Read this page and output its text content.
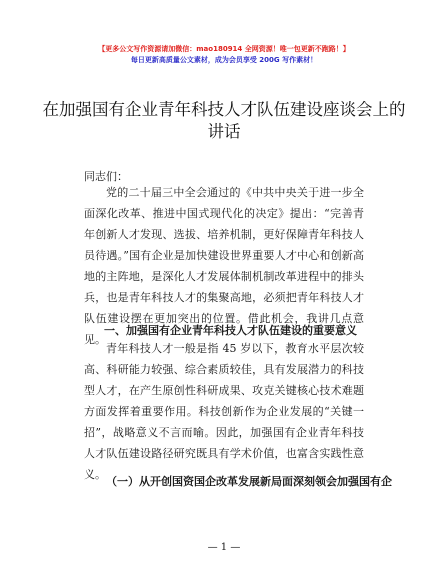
【更多公文写作资源请加微信：mao180914 全网资源！唯一包更新不跑路！】
每日更新高质量公文素材，成为会员享受 200G 写作素材！
在加强国有企业青年科技人才队伍建设座谈会上的讲话
同志们：
党的二十届三中全会通过的《中共中央关于进一步全面深化改革、推进中国式现代化的决定》提出：“完善青年创新人才发现、选拔、培养机制，更好保障青年科技人员待遇。”国有企业是加快建设世界重要人才中心和创新高地的主阵地，是深化人才发展体制机制改革进程中的排头兵，也是青年科技人才的集聚高地，必须把青年科技人才队伍建设摆在更加突出的位置。借此机会，我讲几点意见。
一、加强国有企业青年科技人才队伍建设的重要意义
青年科技人才一般是指 45 岁以下，教育水平层次较高、科研能力较强、综合素质较佳，具有发展潜力的科技型人才，在产生原创性科研成果、攻克关键核心技术难题方面发挥着重要作用。科技创新作为企业发展的“关键一招”，战略意义不言而喻。因此，加强国有企业青年科技人才队伍建设路径研究既具有学术价值，也富含实践性意义。
（一）从开创国资国企改革发展新局面深刻领会加强国有企
— 1 —
